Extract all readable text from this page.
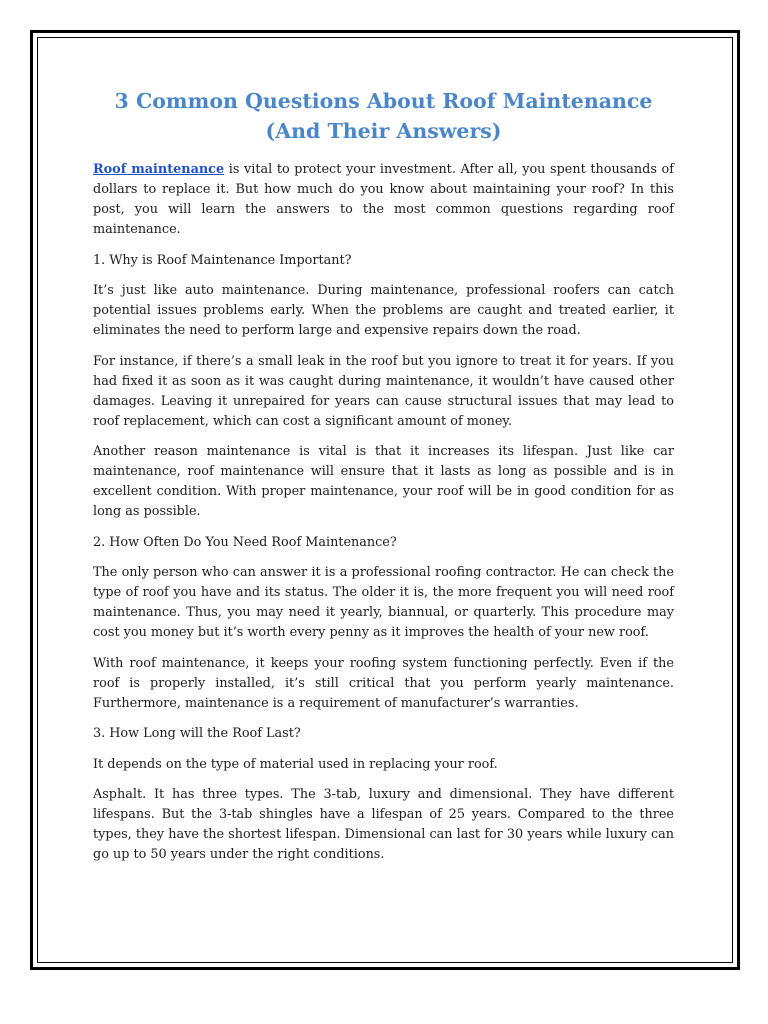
3 Common Questions About Roof Maintenance
(And Their Answers)

Roof maintenance is vital to protect your investment. After all, you spent thousands of dollars to replace it. But how much do you know about maintaining your roof? In this post, you will learn the answers to the most common questions regarding roof maintenance.

1. Why is Roof Maintenance Important?

It’s just like auto maintenance. During maintenance, professional roofers can catch potential issues problems early. When the problems are caught and treated earlier, it eliminates the need to perform large and expensive repairs down the road.

For instance, if there’s a small leak in the roof but you ignore to treat it for years. If you had fixed it as soon as it was caught during maintenance, it wouldn’t have caused other damages. Leaving it unrepaired for years can cause structural issues that may lead to roof replacement, which can cost a significant amount of money.

Another reason maintenance is vital is that it increases its lifespan. Just like car maintenance, roof maintenance will ensure that it lasts as long as possible and is in excellent condition. With proper maintenance, your roof will be in good condition for as long as possible.

2. How Often Do You Need Roof Maintenance?

The only person who can answer it is a professional roofing contractor. He can check the type of roof you have and its status. The older it is, the more frequent you will need roof maintenance. Thus, you may need it yearly, biannual, or quarterly. This procedure may cost you money but it’s worth every penny as it improves the health of your new roof.

With roof maintenance, it keeps your roofing system functioning perfectly. Even if the roof is properly installed, it’s still critical that you perform yearly maintenance. Furthermore, maintenance is a requirement of manufacturer’s warranties.

3. How Long will the Roof Last?

It depends on the type of material used in replacing your roof.

Asphalt. It has three types. The 3-tab, luxury and dimensional. They have different lifespans. But the 3-tab shingles have a lifespan of 25 years. Compared to the three types, they have the shortest lifespan. Dimensional can last for 30 years while luxury can go up to 50 years under the right conditions.
